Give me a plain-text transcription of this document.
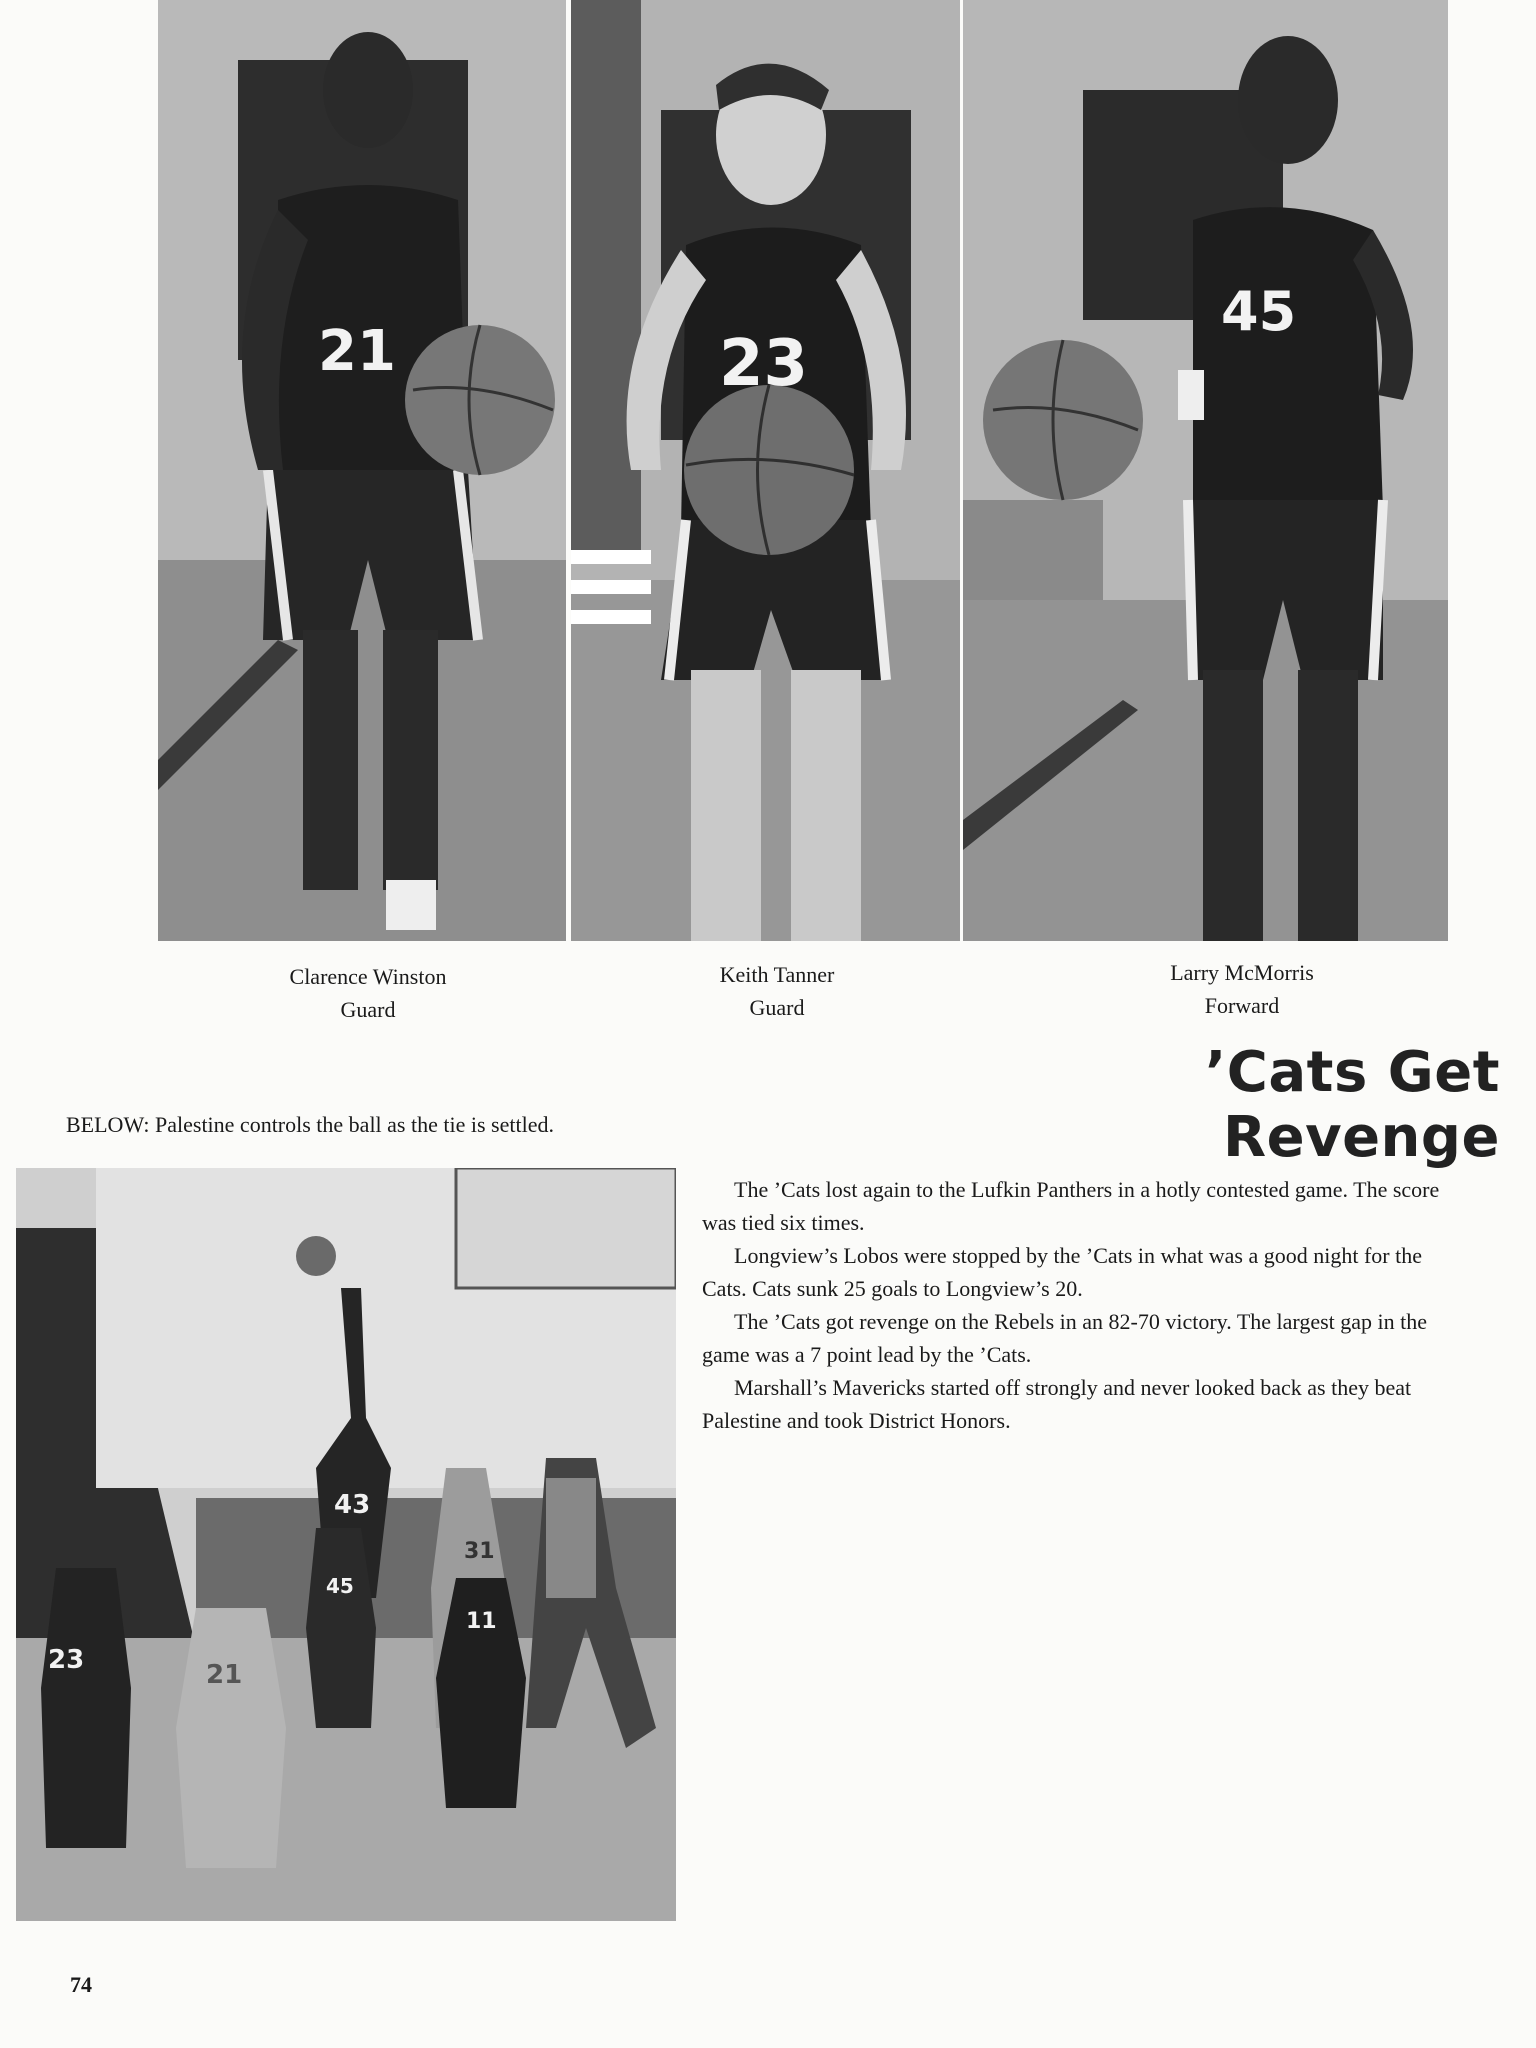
21	23
45
Clarence Winston
Guard
Keith Tanner
Guard
Larry McMorris
Forward
’Cats Get Revenge
BELOW: Palestine controls the ball as the tie is settled.
43
31
11
45
21
23

The ’Cats lost again to the Lufkin Panthers in a hotly contested game. The score was tied six times.

Longview’s Lobos were stopped by the ’Cats in what was a good night for the Cats. Cats sunk 25 goals to Longview’s 20.

The ’Cats got revenge on the Rebels in an 82-70 victory. The largest gap in the game was a 7 point lead by the ’Cats.

Marshall’s Mavericks started off strongly and never looked back as they beat Palestine and took District Honors.

74
